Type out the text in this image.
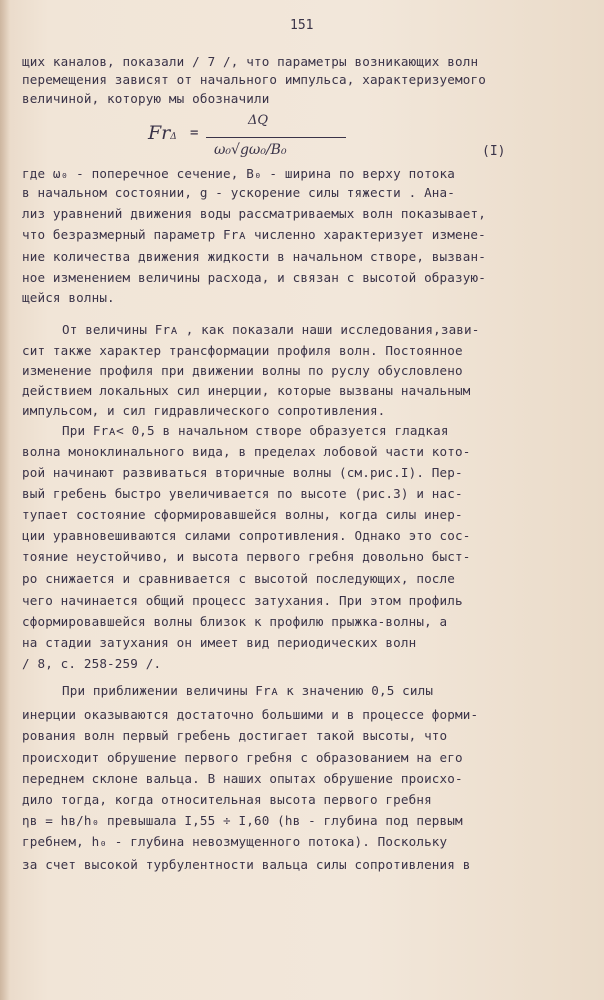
151

щих каналов, показали / 7 /, что параметры возникающих волн

перемещения зависят от начального импульса, характеризуемого

величиной, которую мы обозначили

FrΔ =
ΔQ
ω₀√gω₀/B₀	(I)

где ω₀ - поперечное сечение, B₀ - ширина по верху потока

в начальном состоянии, g - ускорение силы тяжести . Ана-

лиз уравнений движения воды рассматриваемых волн показывает,

что безразмерный параметр Frᴀ численно характеризует измене-

ние количества движения жидкости в начальном створе, вызван-

ное изменением величины расхода, и связан с высотой образую-

щейся волны.

От величины Frᴀ , как показали наши исследования,зави-

сит также характер трансформации профиля волн. Постоянное

изменение профиля при движении волны по руслу обусловлено

действием локальных сил инерции, которые вызваны начальным

импульсом, и сил гидравлического сопротивления.

При Frᴀ< 0,5 в начальном створе образуется гладкая

волна моноклинального вида, в пределах лобовой части кото-

рой начинают развиваться вторичные волны (см.рис.I). Пер-

вый гребень быстро увеличивается по высоте (рис.3) и нас-

тупает состояние сформировавшейся волны, когда силы инер-

ции уравновешиваются силами сопротивления. Однако это сос-

тояние неустойчиво, и высота первого гребня довольно быст-

ро снижается и сравнивается с высотой последующих, после

чего начинается общий процесс затухания. При этом профиль

сформировавшейся волны близок к профилю прыжка-волны, а

на стадии затухания он имеет вид периодических волн

/ 8, с. 258-259 /.

При приближении величины Frᴀ к значению 0,5 силы

инерции оказываются достаточно большими и в процессе форми-

рования волн первый гребень достигает такой высоты, что

происходит обрушение первого гребня с образованием на его

переднем склоне вальца. В наших опытах обрушение происхо-

дило тогда, когда относительная высота первого гребня

ηв = hв/h₀ превышала I,55 ÷ I,60 (hв - глубина под первым

гребнем, h₀ - глубина невозмущенного потока). Поскольку

за счет высокой турбулентности вальца силы сопротивления в
